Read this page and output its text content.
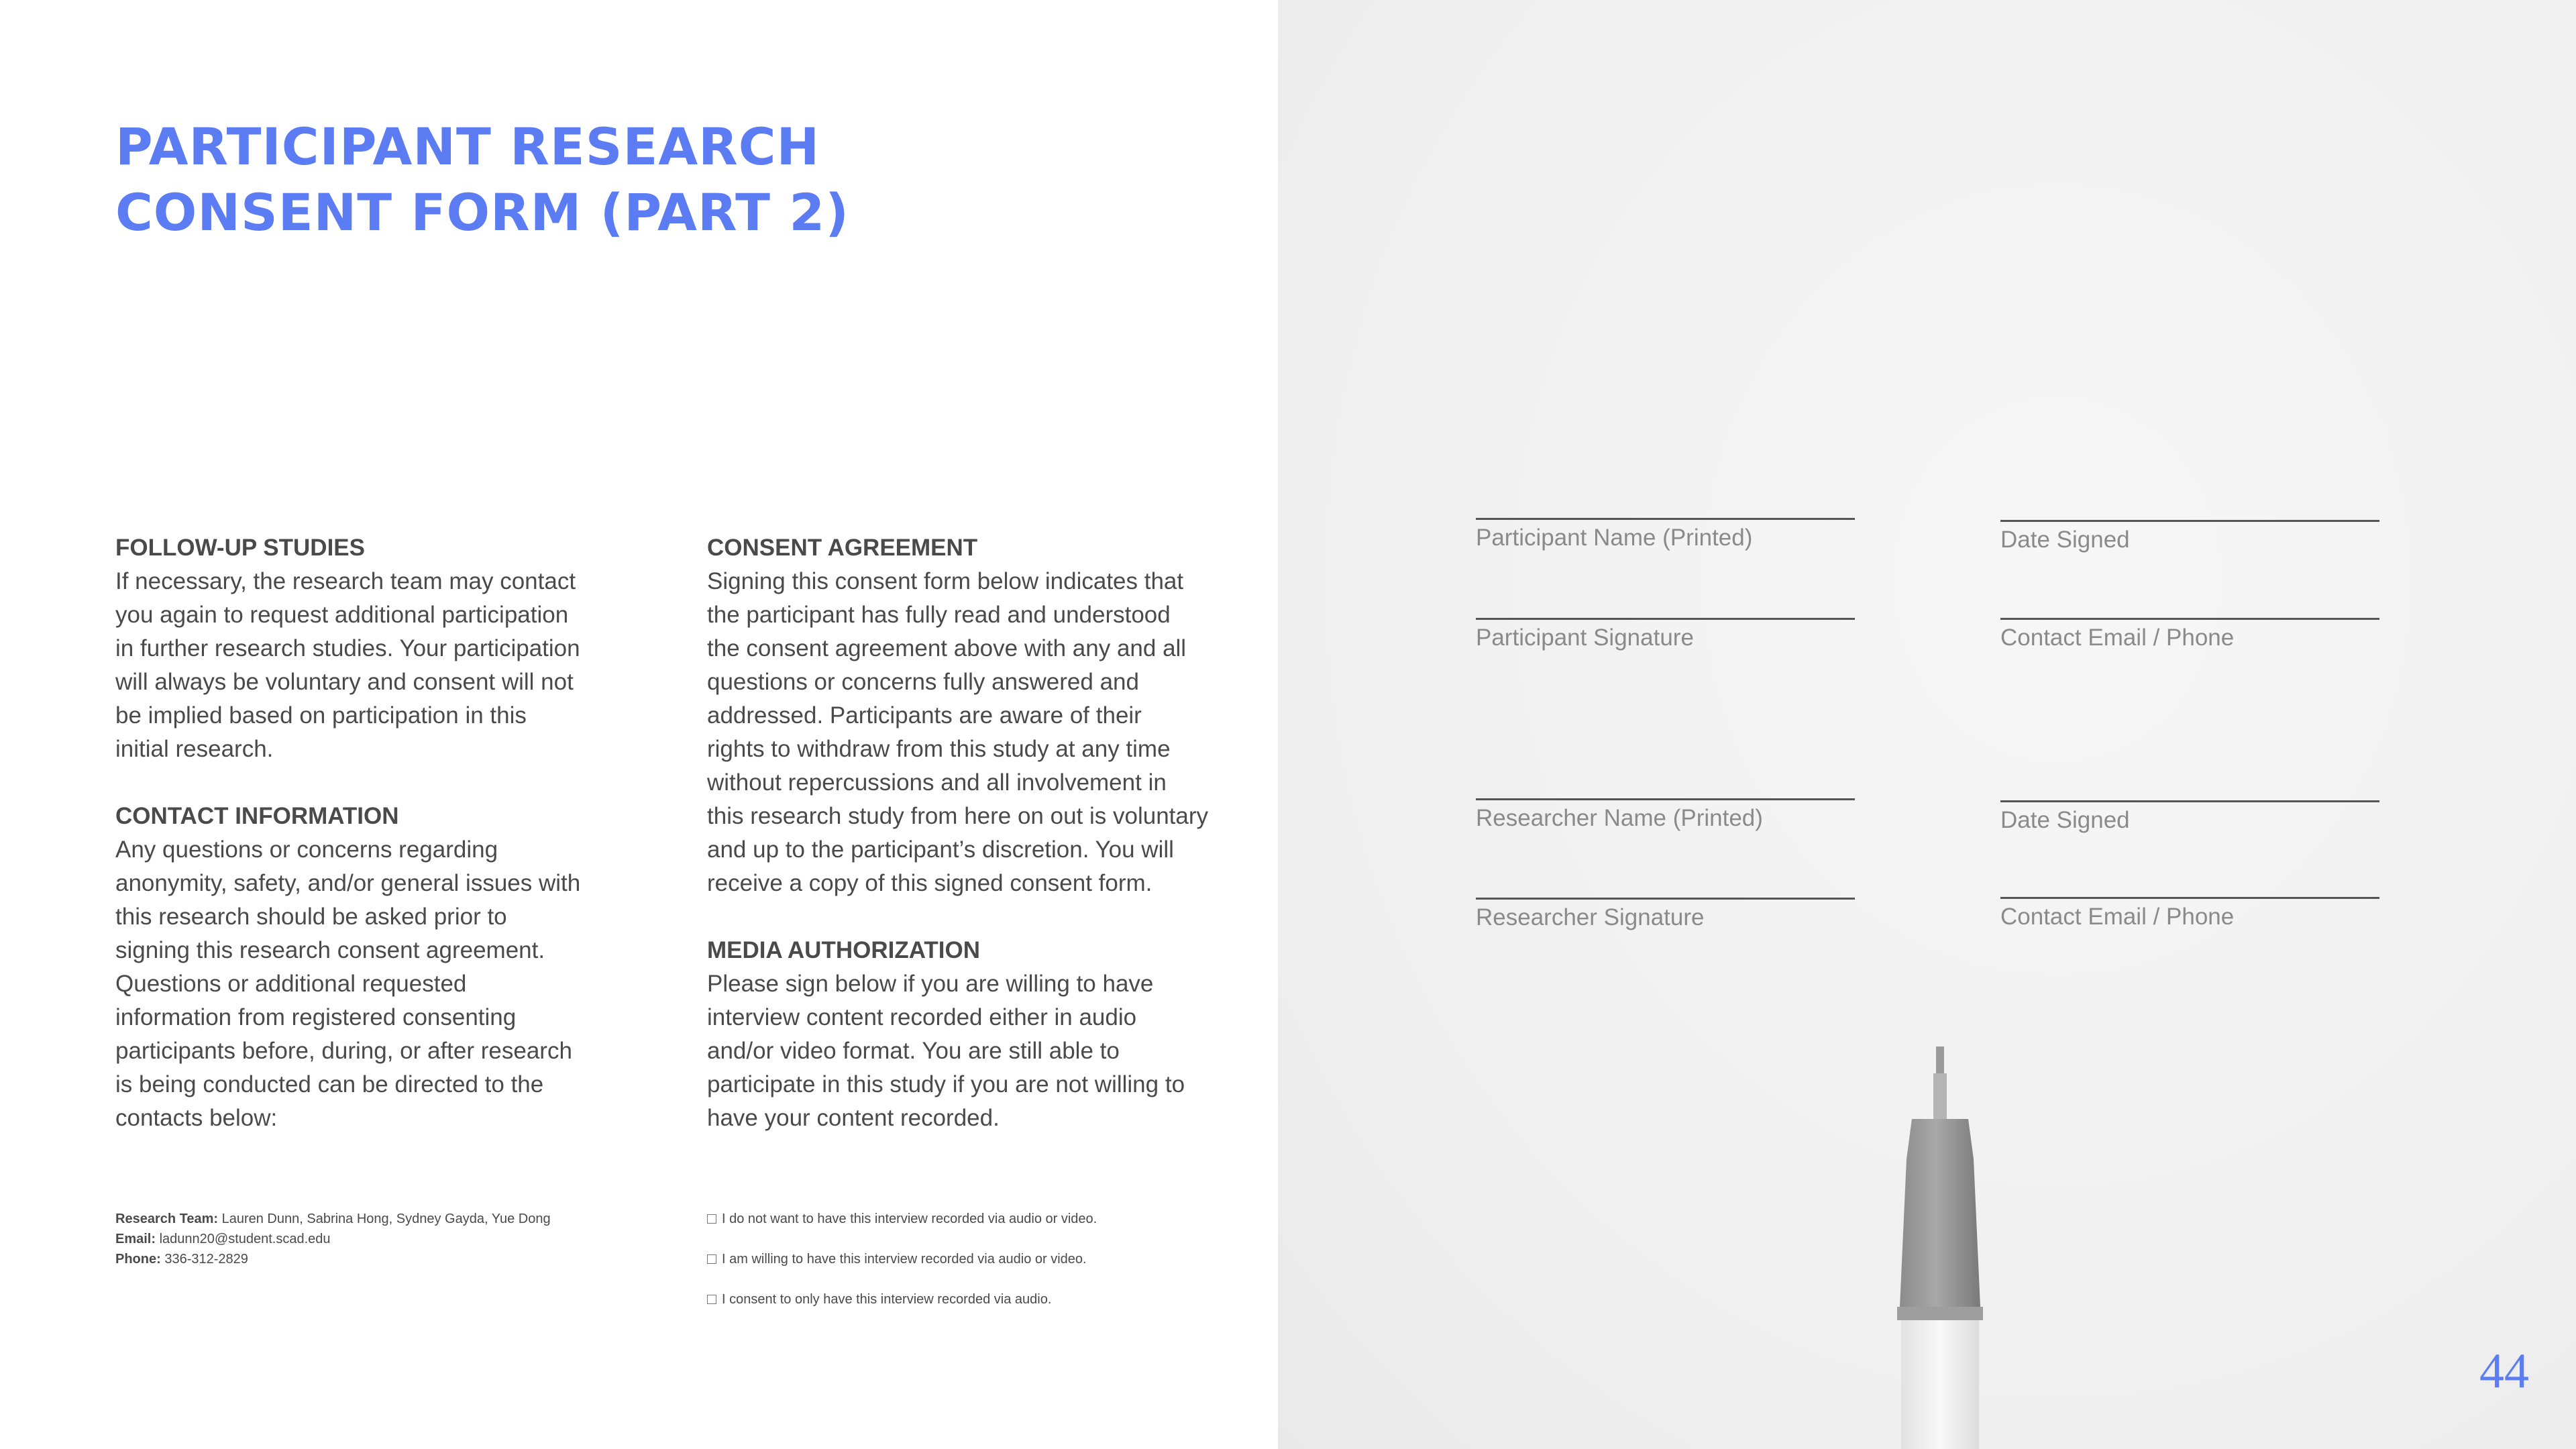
PARTICIPANT RESEARCH
CONSENT FORM (PART 2)
FOLLOW-UP STUDIES
If necessary, the research team may contact
you again to request additional participation
in further research studies. Your participation
will always be voluntary and consent will not
be implied based on participation in this
initial research.
CONTACT INFORMATION
Any questions or concerns regarding
anonymity, safety, and/or general issues with
this research should be asked prior to
signing this research consent agreement.
Questions or additional requested
information from registered consenting
participants before, during, or after research
is being conducted can be directed to the
contacts below:
CONSENT AGREEMENT
Signing this consent form below indicates that
the participant has fully read and understood
the consent agreement above with any and all
questions or concerns fully answered and
addressed. Participants are aware of their
rights to withdraw from this study at any time
without repercussions and all involvement in
this research study from here on out is voluntary
and up to the participant’s discretion. You will
receive a copy of this signed consent form.
MEDIA AUTHORIZATION
Please sign below if you are willing to have
interview content recorded either in audio
and/or video format. You are still able to
participate in this study if you are not willing to
have your content recorded.
Research Team: Lauren Dunn, Sabrina Hong, Sydney Gayda, Yue Dong
Email: ladunn20@student.scad.edu
Phone: 336-312-2829
I do not want to have this interview recorded via audio or video.
I am willing to have this interview recorded via audio or video.
I consent to only have this interview recorded via audio.
Participant Name (Printed)	Date Signed
Participant Signature	Contact Email / Phone
Researcher Name (Printed)	Date Signed
Researcher Signature	Contact Email / Phone
44
